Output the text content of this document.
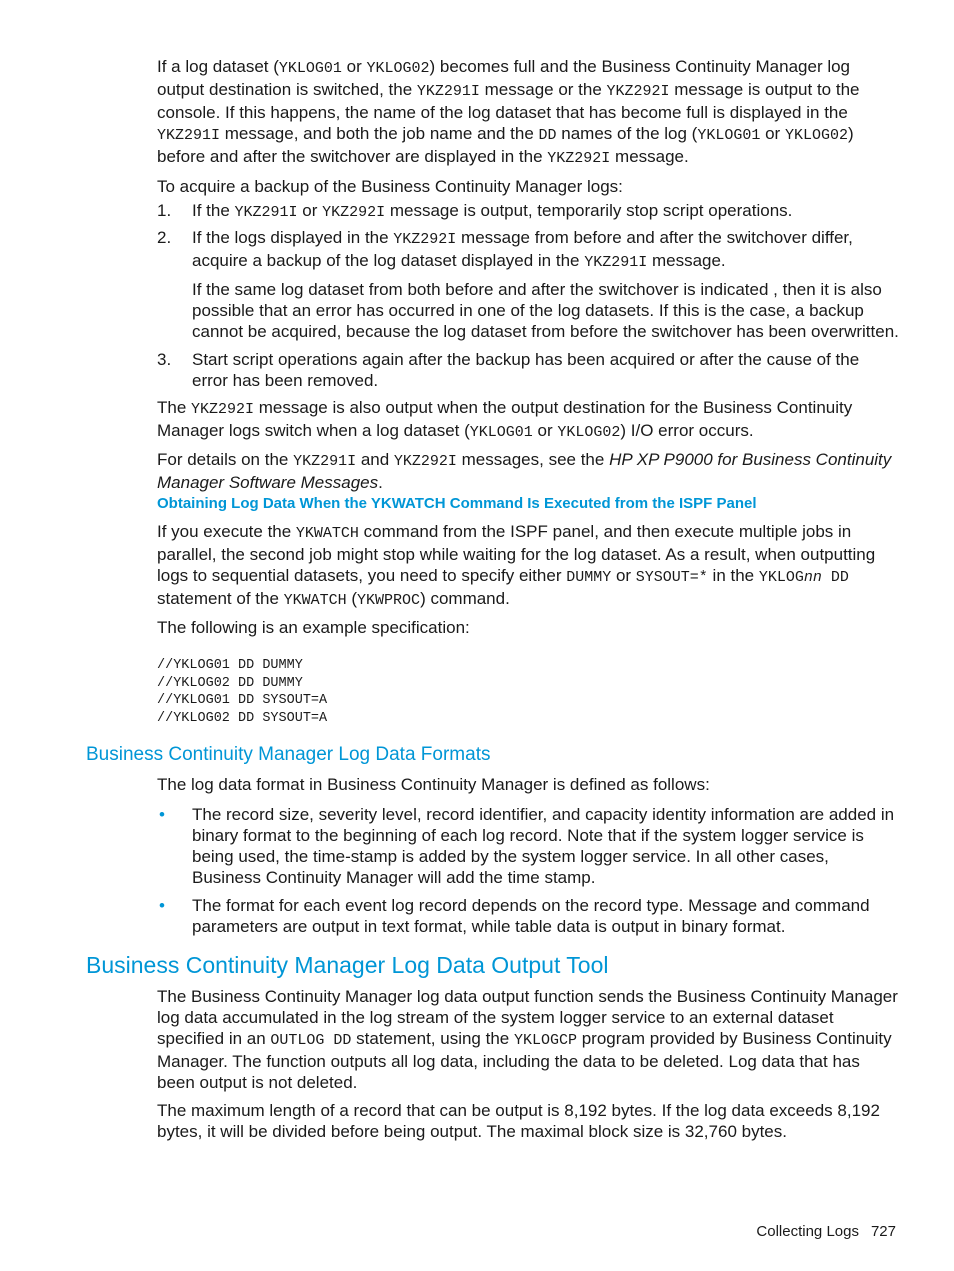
If a log dataset (YKLOG01 or YKLOG02) becomes full and the Business Continuity Manager log output destination is switched, the YKZ291I message or the YKZ292I message is output to the console. If this happens, the name of the log dataset that has become full is displayed in the YKZ291I message, and both the job name and the DD names of the log (YKLOG01 or YKLOG02) before and after the switchover are displayed in the YKZ292I message.

To acquire a backup of the Business Continuity Manager logs:

1. If the YKZ291I or YKZ292I message is output, temporarily stop script operations.
2. If the logs displayed in the YKZ292I message from before and after the switchover differ, acquire a backup of the log dataset displayed in the YKZ291I message.

If the same log dataset from both before and after the switchover is indicated , then it is also possible that an error has occurred in one of the log datasets. If this is the case, a backup cannot be acquired, because the log dataset from before the switchover has been overwritten.

3. Start script operations again after the backup has been acquired or after the cause of the error has been removed.

The YKZ292I message is also output when the output destination for the Business Continuity Manager logs switch when a log dataset (YKLOG01 or YKLOG02) I/O error occurs.

For details on the YKZ291I and YKZ292I messages, see the HP XP P9000 for Business Continuity Manager Software Messages.

Obtaining Log Data When the YKWATCH Command Is Executed from the ISPF Panel

If you execute the YKWATCH command from the ISPF panel, and then execute multiple jobs in parallel, the second job might stop while waiting for the log dataset. As a result, when outputting logs to sequential datasets, you need to specify either DUMMY or SYSOUT=* in the YKLOGnn DD statement of the YKWATCH (YKWPROC) command.

The following is an example specification:

//YKLOG01 DD DUMMY
//YKLOG02 DD DUMMY
//YKLOG01 DD SYSOUT=A
//YKLOG02 DD SYSOUT=A
Business Continuity Manager Log Data Formats

The log data format in Business Continuity Manager is defined as follows:

• The record size, severity level, record identifier, and capacity identity information are added in binary format to the beginning of each log record. Note that if the system logger service is being used, the time-stamp is added by the system logger service. In all other cases, Business Continuity Manager will add the time stamp.
• The format for each event log record depends on the record type. Message and command parameters are output in text format, while table data is output in binary format.
Business Continuity Manager Log Data Output Tool

The Business Continuity Manager log data output function sends the Business Continuity Manager log data accumulated in the log stream of the system logger service to an external dataset specified in an OUTLOG DD statement, using the YKLOGCP program provided by Business Continuity Manager. The function outputs all log data, including the data to be deleted. Log data that has been output is not deleted.

The maximum length of a record that can be output is 8,192 bytes. If the log data exceeds 8,192 bytes, it will be divided before being output. The maximal block size is 32,760 bytes.

Collecting Logs 727
